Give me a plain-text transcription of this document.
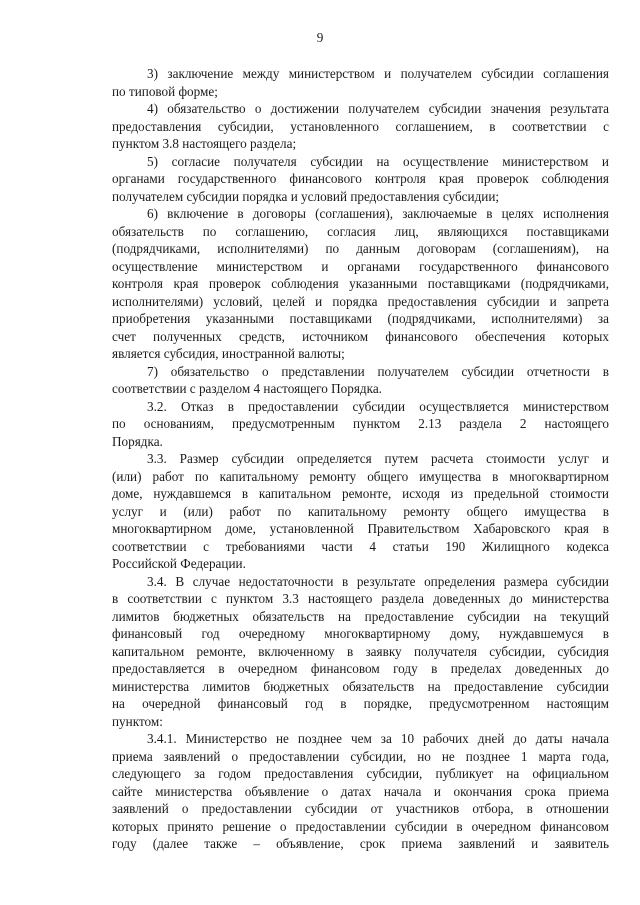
9
3) заключение между министерством и получателем субсидии соглашения
по типовой форме;
4) обязательство о достижении получателем субсидии значения результата
предоставления субсидии, установленного соглашением, в соответствии с
пунктом 3.8 настоящего раздела;
5) согласие получателя субсидии на осуществление министерством и
органами государственного финансового контроля края проверок соблюдения
получателем субсидии порядка и условий предоставления субсидии;
6) включение в договоры (соглашения), заключаемые в целях исполнения
обязательств по соглашению, согласия лиц, являющихся поставщиками
(подрядчиками, исполнителями) по данным договорам (соглашениям), на
осуществление министерством и органами государственного финансового
контроля края проверок соблюдения указанными поставщиками (подрядчиками,
исполнителями) условий, целей и порядка предоставления субсидии и запрета
приобретения указанными поставщиками (подрядчиками, исполнителями) за
счет полученных средств, источником финансового обеспечения которых
является субсидия, иностранной валюты;
7) обязательство о представлении получателем субсидии отчетности в
соответствии с разделом 4 настоящего Порядка.
3.2. Отказ в предоставлении субсидии осуществляется министерством
по основаниям, предусмотренным пунктом 2.13 раздела 2 настоящего
Порядка.
3.3. Размер субсидии определяется путем расчета стоимости услуг и
(или) работ по капитальному ремонту общего имущества в многоквартирном
доме, нуждавшемся в капитальном ремонте, исходя из предельной стоимости
услуг и (или) работ по капитальному ремонту общего имущества в
многоквартирном доме, установленной Правительством Хабаровского края в
соответствии с требованиями части 4 статьи 190 Жилищного кодекса
Российской Федерации.
3.4. В случае недостаточности в результате определения размера субсидии
в соответствии с пунктом 3.3 настоящего раздела доведенных до министерства
лимитов бюджетных обязательств на предоставление субсидии на текущий
финансовый год очередному многоквартирному дому, нуждавшемуся в
капитальном ремонте, включенному в заявку получателя субсидии, субсидия
предоставляется в очередном финансовом году в пределах доведенных до
министерства лимитов бюджетных обязательств на предоставление субсидии
на очередной финансовый год в порядке, предусмотренном настоящим
пунктом:
3.4.1. Министерство не позднее чем за 10 рабочих дней до даты начала
приема заявлений о предоставлении субсидии, но не позднее 1 марта года,
следующего за годом предоставления субсидии, публикует на официальном
сайте министерства объявление о датах начала и окончания срока приема
заявлений о предоставлении субсидии от участников отбора, в отношении
которых принято решение о предоставлении субсидии в очередном финансовом
году (далее также – объявление, срок приема заявлений и заявитель
